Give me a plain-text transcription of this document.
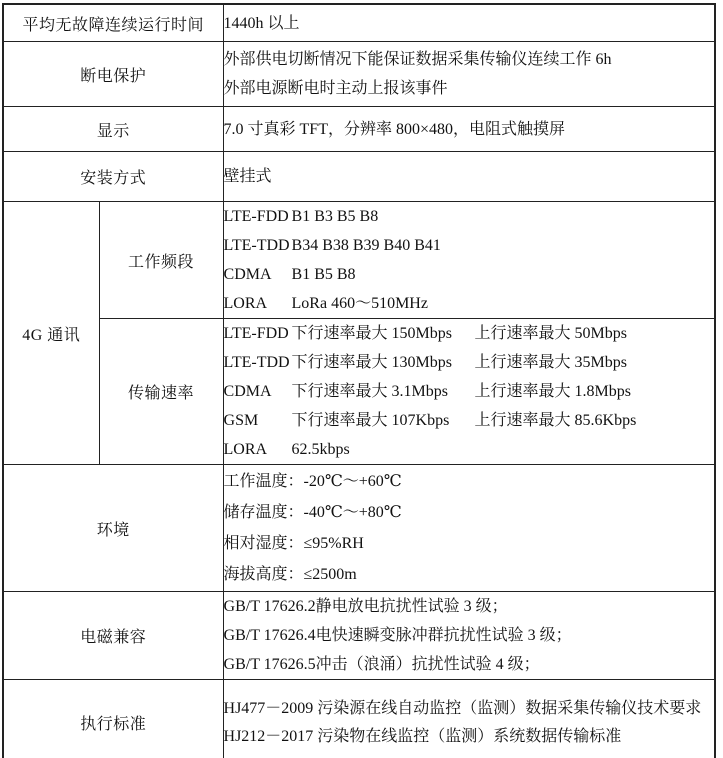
平均无故障连续运行时间		1440h 以上

断电保护		外部供电切断情况下能保证数据采集传输仪连续工作 6h
外部电源断电时主动上报该事件

显示		7.0 寸真彩 TFT，分辨率 800×480，电阻式触摸屏

安装方式		壁挂式

4G 通讯	工作频段	LTE-FDD B1 B3 B5 B8
LTE-TDD B34 B38 B39 B40 B41
CDMA B1 B5 B8
LORA LoRa 460～510MHz

	传输速率	LTE-FDD 下行速率最大 150Mbps 上行速率最大 50Mbps
LTE-TDD 下行速率最大 130Mbps 上行速率最大 35Mbps
CDMA 下行速率最大 3.1Mbps 上行速率最大 1.8Mbps
GSM 下行速率最大 107Kbps 上行速率最大 85.6Kbps
LORA 62.5kbps

环境		工作温度：-20℃～+60℃
储存温度：-40℃～+80℃
相对湿度：≤95%RH
海拔高度：≤2500m

电磁兼容		GB/T 17626.2静电放电抗扰性试验 3 级；
GB/T 17626.4电快速瞬变脉冲群抗扰性试验 3 级；
GB/T 17626.5冲击（浪涌）抗扰性试验 4 级；

执行标准		HJ477－2009 污染源在线自动监控（监测）数据采集传输仪技术要求
HJ212－2017 污染物在线监控（监测）系统数据传输标准
